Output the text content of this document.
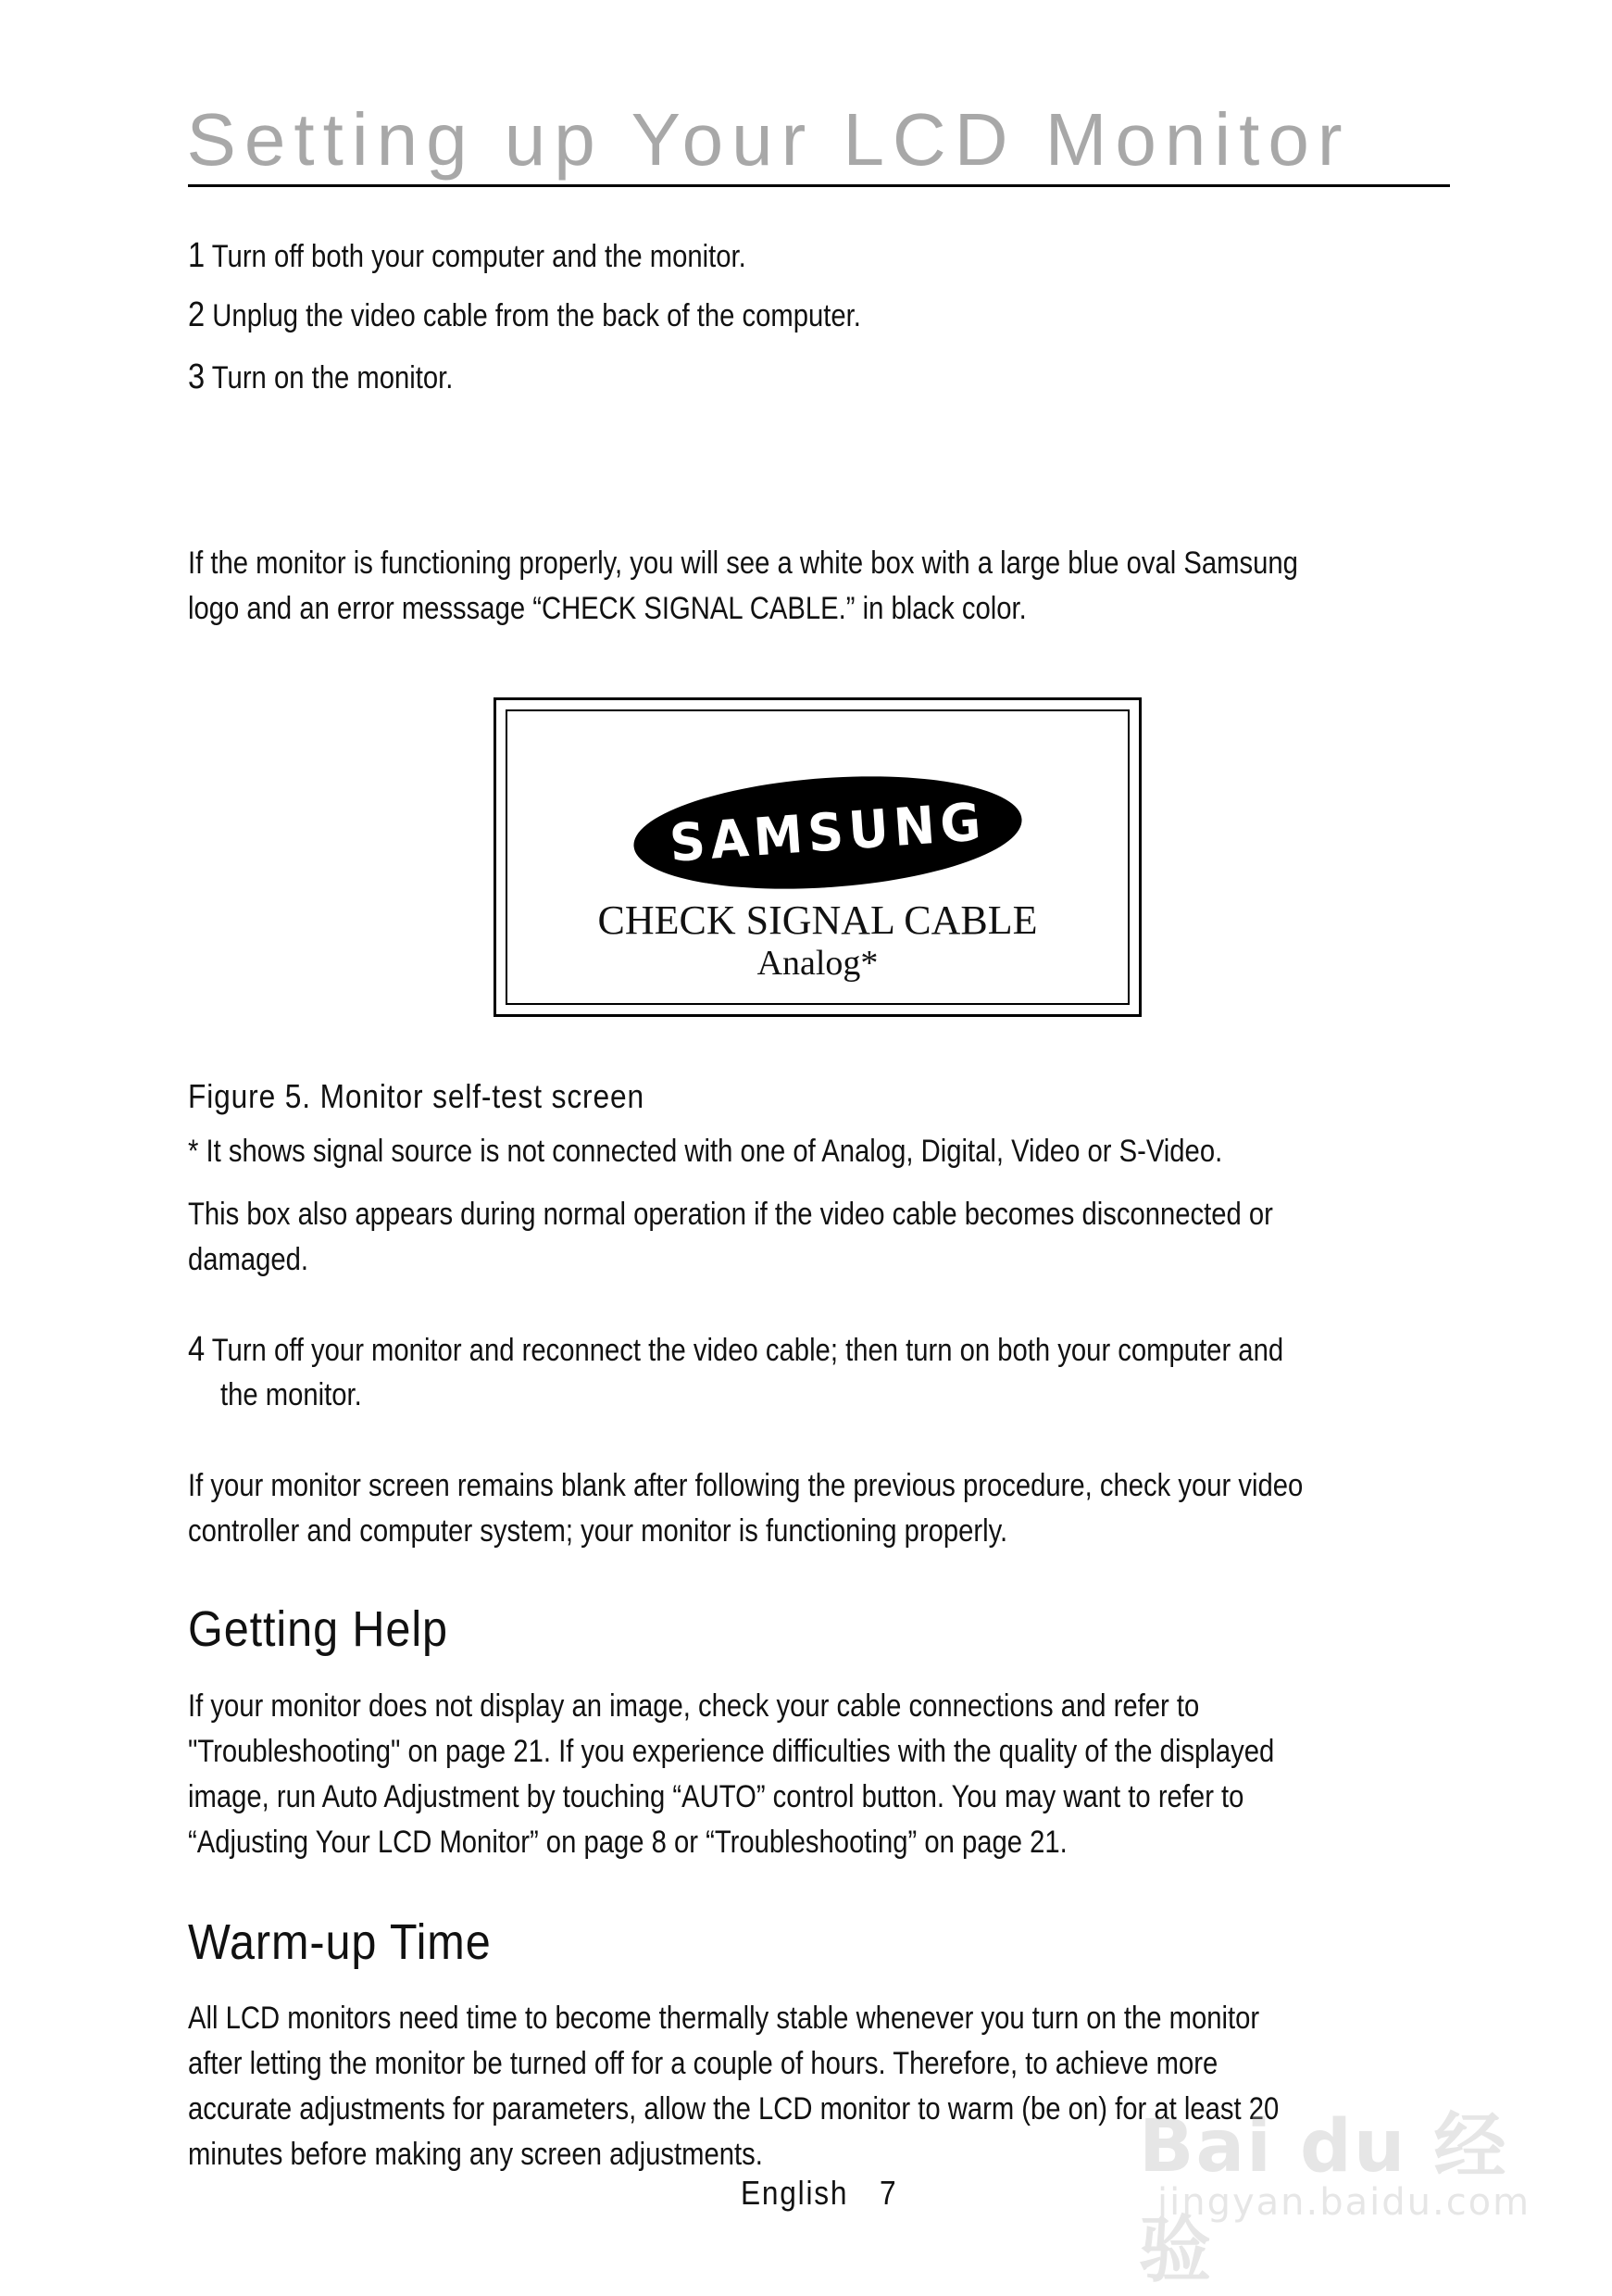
Setting up Your LCD Monitor
1 Turn off both your computer and the monitor.
2 Unplug the video cable from the back of the computer.
3 Turn on the monitor.
If the monitor is functioning properly, you will see a white box with a large blue oval Samsung
logo and an error messsage “CHECK SIGNAL CABLE.” in black color.
SAMSUNG
CHECK SIGNAL CABLE
Analog*
Figure 5. Monitor self-test screen
* It shows signal source is not connected with one of Analog, Digital, Video or S-Video.
This box also appears during normal operation if the video cable becomes disconnected or
damaged.
4 Turn off your monitor and reconnect the video cable; then turn on both your computer and
the monitor.
If your monitor screen remains blank after following the previous procedure, check your video
controller and computer system; your monitor is functioning properly.
Getting Help
If your monitor does not display an image, check your cable connections and refer to
"Troubleshooting" on page 21. If you experience difficulties with the quality of the displayed
image, run Auto Adjustment by touching “AUTO” control button. You may want to refer to
“Adjusting Your LCD Monitor” on page 8 or “Troubleshooting” on page 21.
Warm-up Time
All LCD monitors need time to become thermally stable whenever you turn on the monitor
after letting the monitor be turned off for a couple of hours. Therefore, to achieve more
accurate adjustments for parameters, allow the LCD monitor to warm (be on) for at least 20
minutes before making any screen adjustments.
English 7
Bai du 经验
jingyan.baidu.com
